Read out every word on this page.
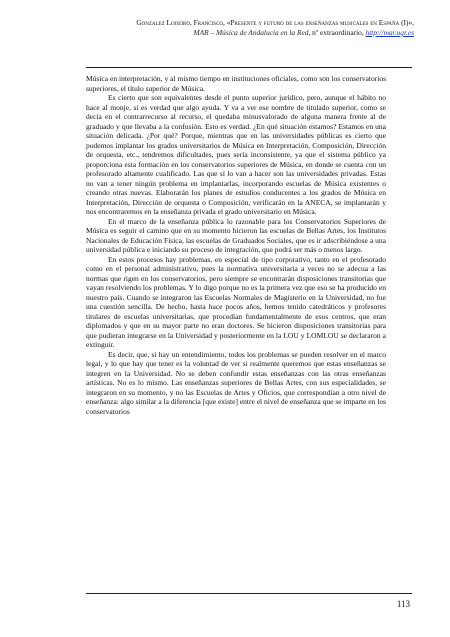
Gonzalez Lodeiro, Francisco, «Presente y futuro de las enseñanzas musicales en España (I)»,
MAR – Música de Andalucía en la Red, nº extraordinario, http://mar.ugr.es

Música en interpretación, y al mismo tiempo en instituciones oficiales, como son los conservatorios superiores, el título superior de Música.

Es cierto que son equivalentes desde el punto superior jurídico, pero, aunque el hábito no hace al monje, sí es verdad que algo ayuda. Y va a ver ese nombre de titulado superior, como se decía en el contrarrecurso al recurso, el quedaba minusvalorado de alguna manera frente al de graduado y que llevaba a la confusión. Esto es verdad. ¿En qué situación estamos? Estamos en una situación delicada. ¿Por qué? Porque, mientras que en las universidades públicas es cierto que podemos implantar los grados universitarios de Música en Interpretación, Composición, Dirección de orquesta, etc., tendremos dificultades, pues sería inconsistente, ya que el sistema público ya proporciona esta formación en los conservatorios superiores de Música, en donde se cuenta con un profesorado altamente cualificado. Las que sí lo van a hacer son las universidades privadas. Estas no van a tener ningún problema en implantarlas, incorporando escuelas de Música existentes o creando otras nuevas. Elaborarán los planes de estudios conducentes a los grados de Música en Interpretación, Dirección de orquesta o Composición, verificarán en la ANECA, se implantarán y nos encontraremos en la enseñanza privada el grado universitario en Música.

En el marco de la enseñanza pública lo razonable para los Conservatorios Superiores de Música es seguir el camino que en su momento hicieron las escuelas de Bellas Artes, los Institutos Nacionales de Educación Física, las escuelas de Graduados Sociales, que es ir adscribiéndose a una universidad pública e iniciando su proceso de integración, que podrá ser más o menos largo.

En estos procesos hay problemas, en especial de tipo corporativo, tanto en el profesorado como en el personal administrativo, pues la normativa universitaria a veces no se adecua a las normas que rigen en los conservatorios, pero siempre se encontrarán disposiciones transitorias que vayan resolviendo los problemas. Y lo digo porque no es la primera vez que eso se ha producido en nuestro país. Cuando se integraron las Escuelas Normales de Magisterio en la Universidad, no fue una cuestión sencilla. De hecho, hasta hace pocos años, hemos tenido catedráticos y profesores titulares de escuelas universitarias, que procedían fundamentalmente de esos centros, que eran diplomados y que en su mayor parte no eran doctores. Se hicieron disposiciones transitorias para que pudieran integrarse en la Universidad y posteriormente en la LOU y LOMLOU se declararon a extinguir.

Es decir, que, si hay un entendimiento, todos los problemas se pueden resolver en el marco legal, y lo que hay que tener es la voluntad de ver si realmente queremos que estas enseñanzas se integren en la Universidad. No se deben confundir estas enseñanzas con las otras enseñanzas artísticas. No es lo mismo. Las enseñanzas superiores de Bellas Artes, con sus especialidades, se integraron en su momento, y no las Escuelas de Artes y Oficios, que correspondían a otro nivel de enseñanza: algo similar a la diferencia [que existe] entre el nivel de enseñanza que se imparte en los conservatorios

113
